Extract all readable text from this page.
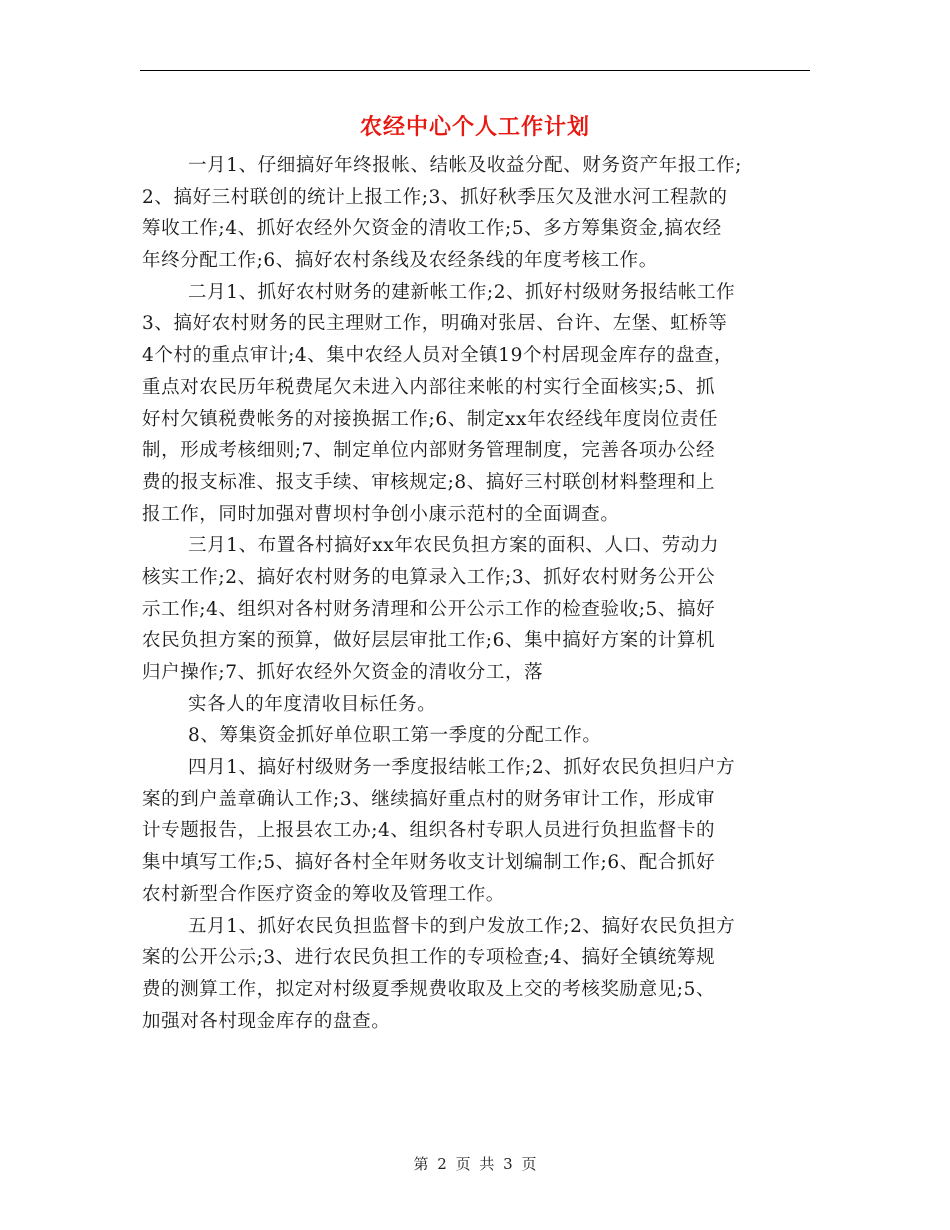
农经中心个人工作计划
一月1、仔细搞好年终报帐、结帐及收益分配、财务资产年报工作;
2、搞好三村联创的统计上报工作;3、抓好秋季压欠及泄水河工程款的
筹收工作;4、抓好农经外欠资金的清收工作;5、多方筹集资金,搞农经
年终分配工作;6、搞好农村条线及农经条线的年度考核工作。
二月1、抓好农村财务的建新帐工作;2、抓好村级财务报结帐工作
3、搞好农村财务的民主理财工作，明确对张居、台许、左堡、虹桥等
4个村的重点审计;4、集中农经人员对全镇19个村居现金库存的盘查，
重点对农民历年税费尾欠未进入内部往来帐的村实行全面核实;5、抓
好村欠镇税费帐务的对接换据工作;6、制定xx年农经线年度岗位责任
制，形成考核细则;7、制定单位内部财务管理制度，完善各项办公经
费的报支标准、报支手续、审核规定;8、搞好三村联创材料整理和上
报工作，同时加强对曹坝村争创小康示范村的全面调查。
三月1、布置各村搞好xx年农民负担方案的面积、人口、劳动力
核实工作;2、搞好农村财务的电算录入工作;3、抓好农村财务公开公
示工作;4、组织对各村财务清理和公开公示工作的检查验收;5、搞好
农民负担方案的预算，做好层层审批工作;6、集中搞好方案的计算机
归户操作;7、抓好农经外欠资金的清收分工，落
实各人的年度清收目标任务。
8、筹集资金抓好单位职工第一季度的分配工作。
四月1、搞好村级财务一季度报结帐工作;2、抓好农民负担归户方
案的到户盖章确认工作;3、继续搞好重点村的财务审计工作，形成审
计专题报告，上报县农工办;4、组织各村专职人员进行负担监督卡的
集中填写工作;5、搞好各村全年财务收支计划编制工作;6、配合抓好
农村新型合作医疗资金的筹收及管理工作。
五月1、抓好农民负担监督卡的到户发放工作;2、搞好农民负担方
案的公开公示;3、进行农民负担工作的专项检查;4、搞好全镇统筹规
费的测算工作，拟定对村级夏季规费收取及上交的考核奖励意见;5、
加强对各村现金库存的盘查。
第 2 页 共 3 页
